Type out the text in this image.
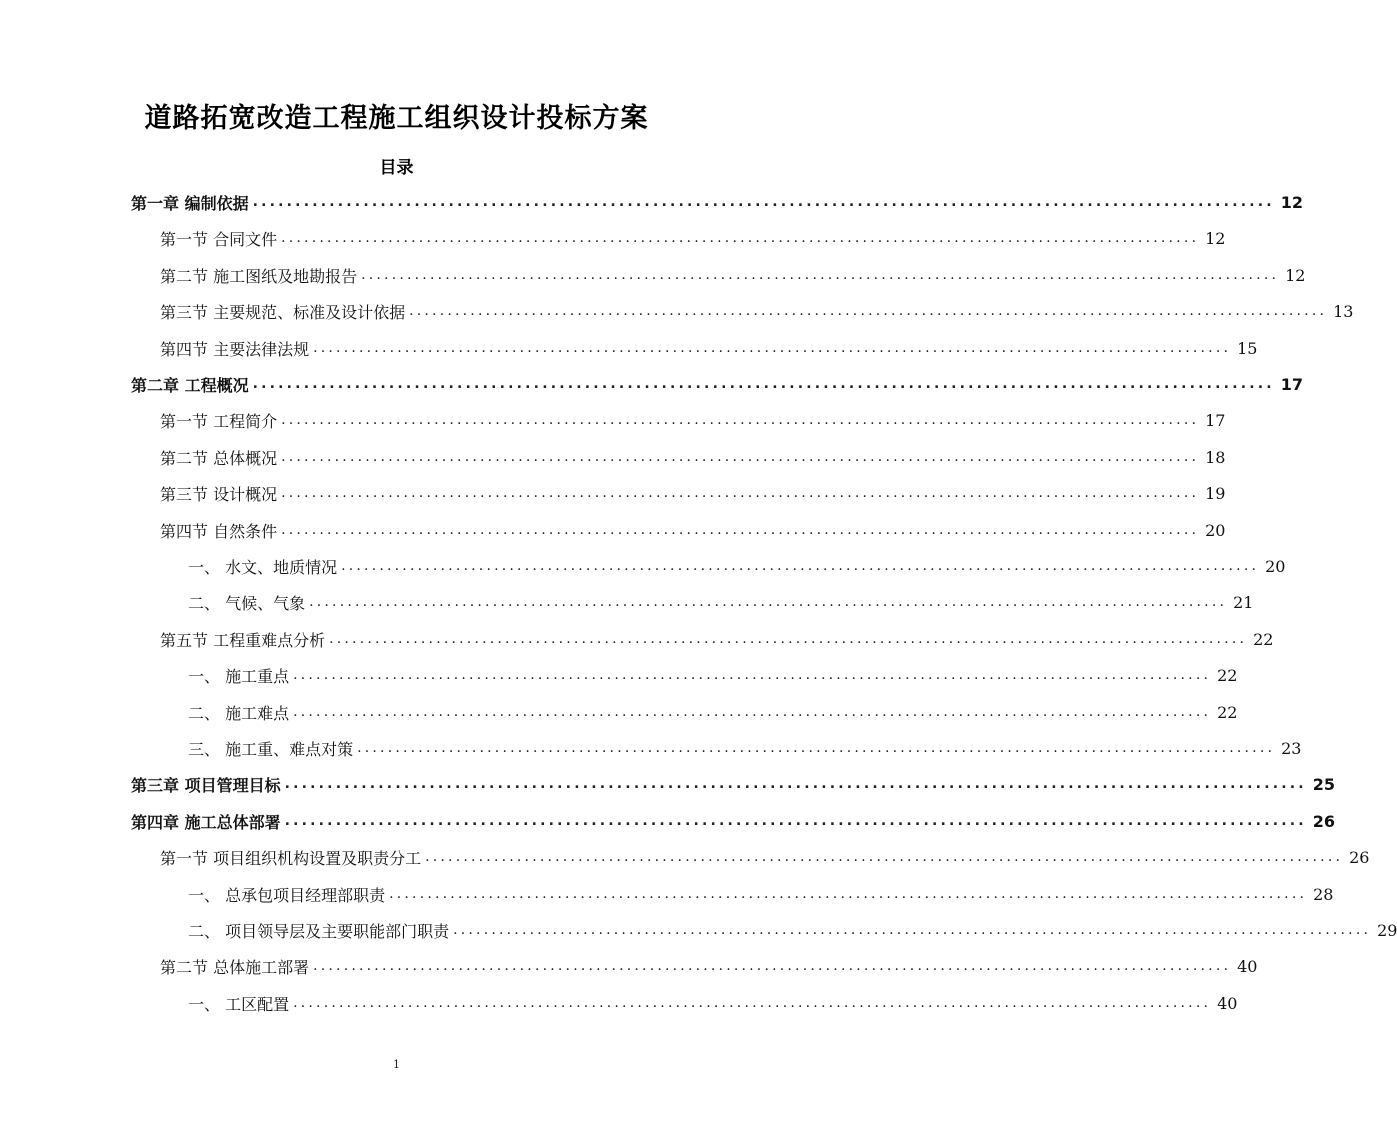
道路拓宽改造工程施工组织设计投标方案
目录
第一章 编制依据 ........................................................................................................................ 12
第一节 合同文件 ........................................................................................................................ 12
第二节 施工图纸及地勘报告 ........................................................................................................................ 12
第三节 主要规范、标准及设计依据 ........................................................................................................................ 13
第四节 主要法律法规 ........................................................................................................................ 15
第二章 工程概况 ........................................................................................................................ 17
第一节 工程简介 ........................................................................................................................ 17
第二节 总体概况 ........................................................................................................................ 18
第三节 设计概况 ........................................................................................................................ 19
第四节 自然条件 ........................................................................................................................ 20
一、 水文、地质情况 ........................................................................................................................ 20
二、 气候、气象 ........................................................................................................................ 21
第五节 工程重难点分析 ........................................................................................................................ 22
一、 施工重点 ........................................................................................................................ 22
二、 施工难点 ........................................................................................................................ 22
三、 施工重、难点对策 ........................................................................................................................ 23
第三章 项目管理目标 ........................................................................................................................ 25
第四章 施工总体部署 ........................................................................................................................ 26
第一节 项目组织机构设置及职责分工 ........................................................................................................................ 26
一、 总承包项目经理部职责 ........................................................................................................................ 28
二、 项目领导层及主要职能部门职责 ........................................................................................................................ 29
第二节 总体施工部署 ........................................................................................................................ 40
一、 工区配置 ........................................................................................................................ 40
1
